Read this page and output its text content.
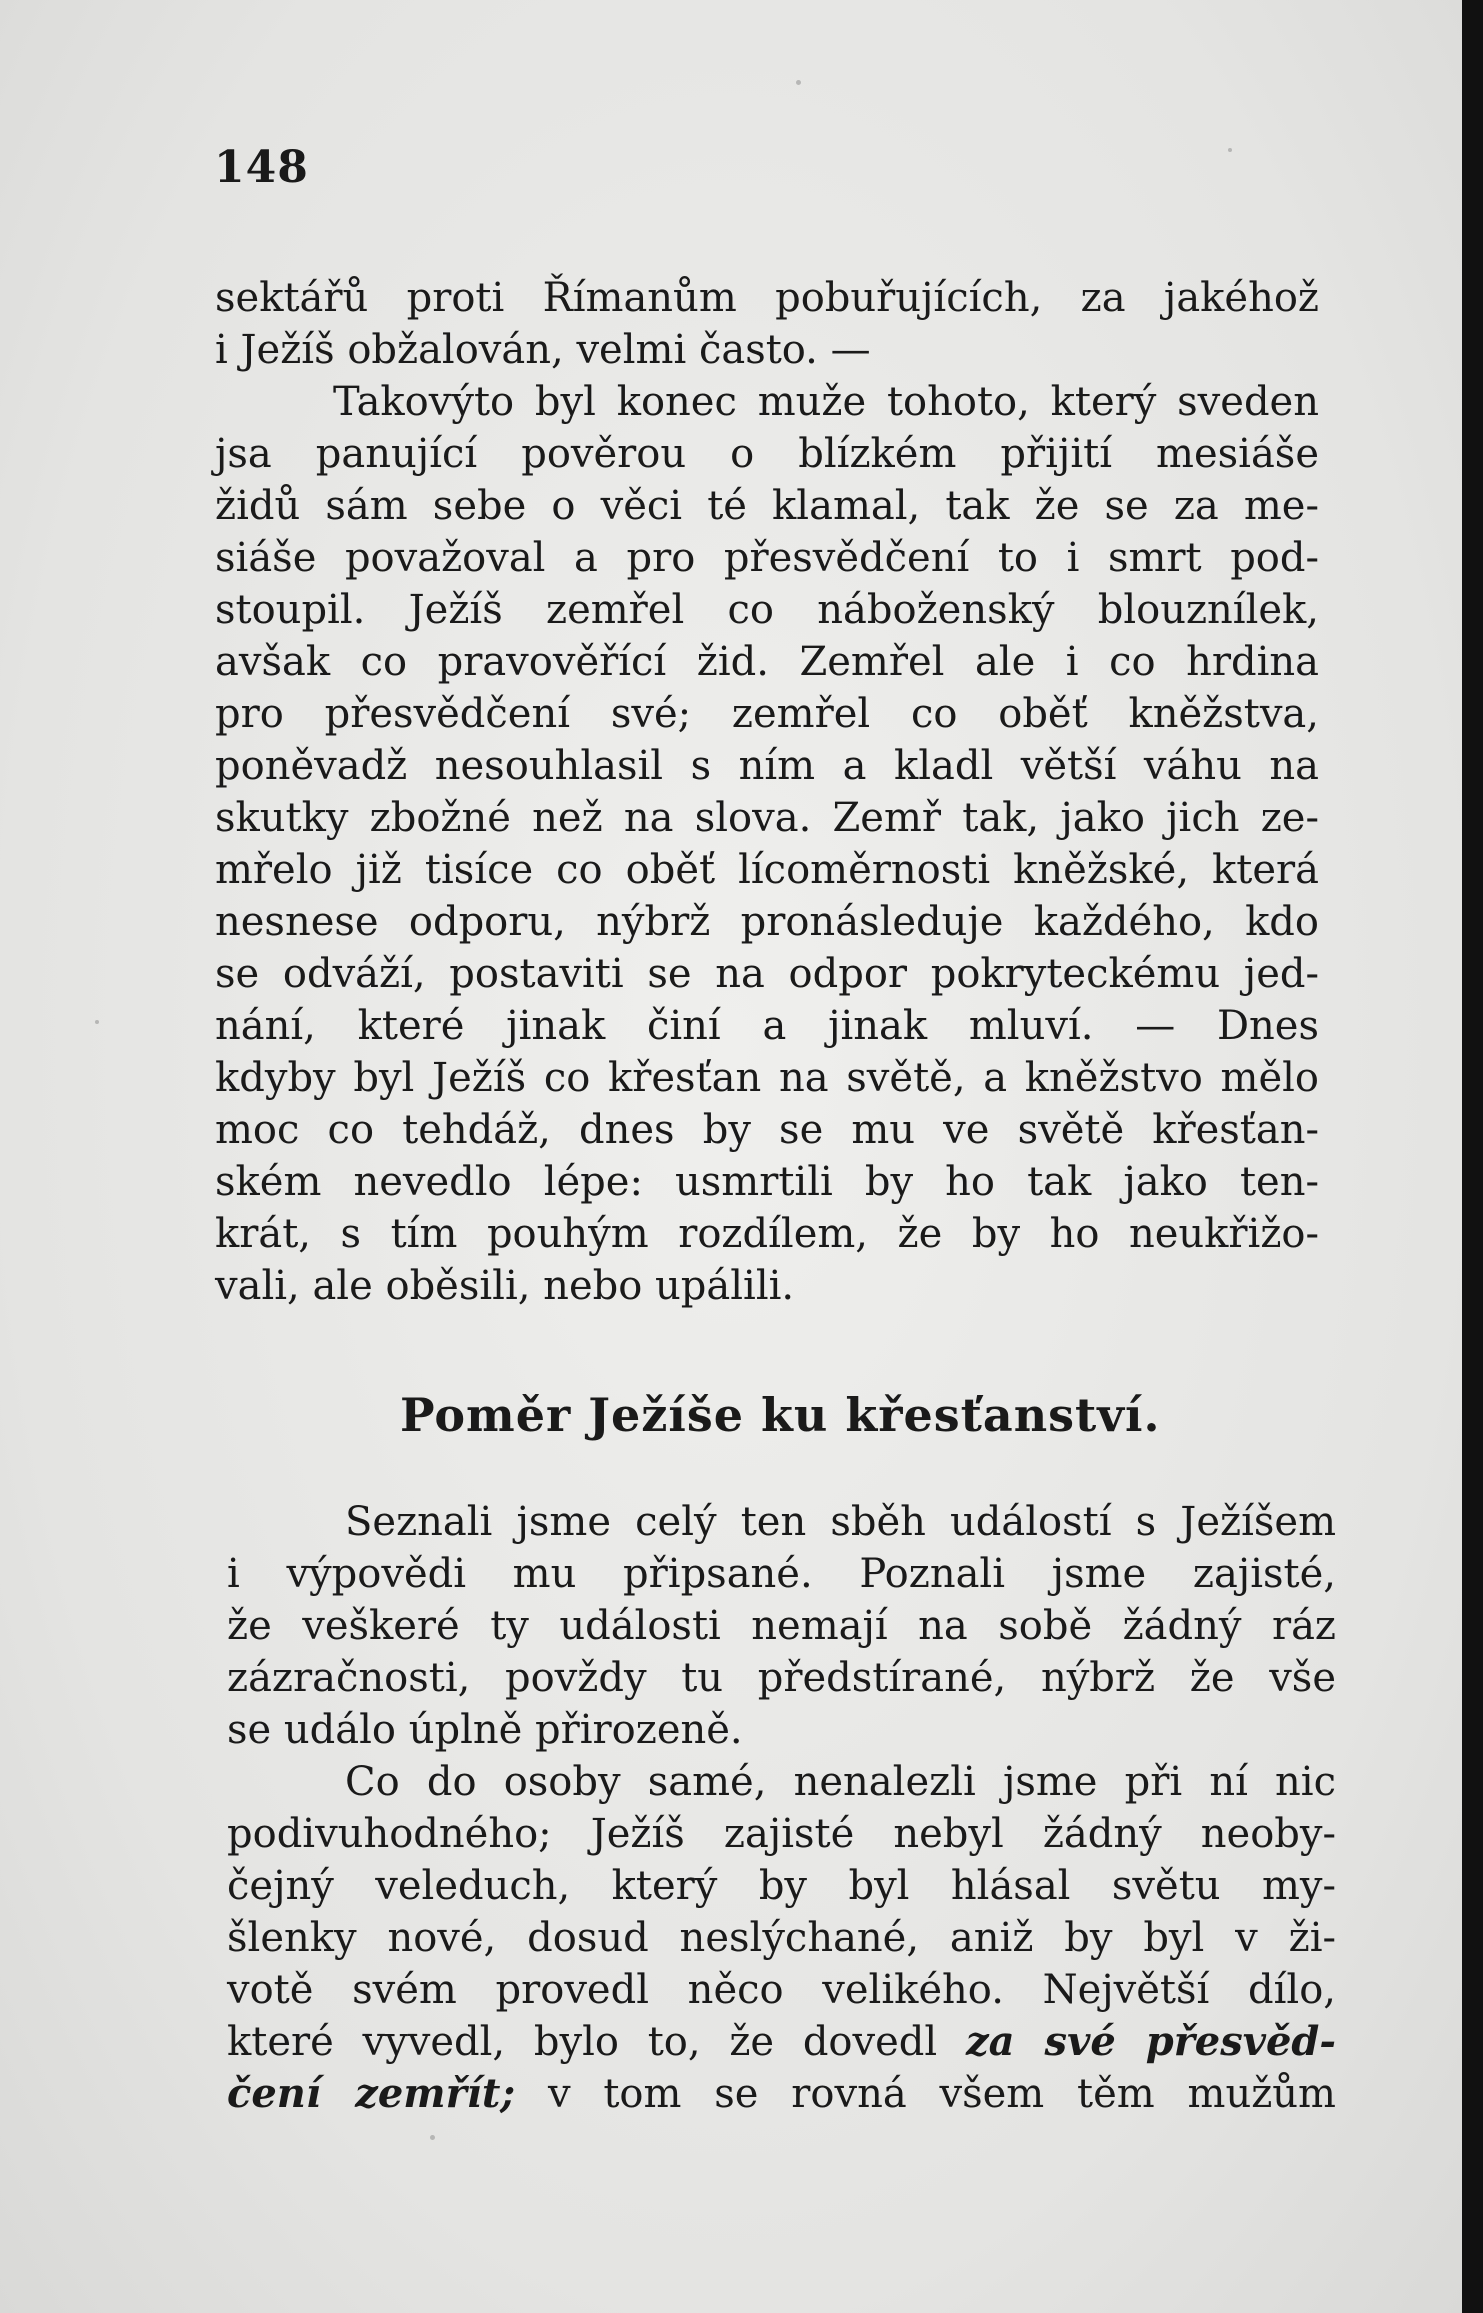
148
sektářů proti Římanům pobuřujících, za jakéhož
i Ježíš obžalován, velmi často. —
Takovýto byl konec muže tohoto, který sveden
jsa panující pověrou o blízkém přijití mesiáše
židů sám sebe o věci té klamal, tak že se za me-
siáše považoval a pro přesvědčení to i smrt pod-
stoupil. Ježíš zemřel co náboženský blouznílek,
avšak co pravověřící žid. Zemřel ale i co hrdina
pro přesvědčení své; zemřel co oběť kněžstva,
poněvadž nesouhlasil s ním a kladl větší váhu na
skutky zbožné než na slova. Zemř tak, jako jich ze-
mřelo již tisíce co oběť lícoměrnosti kněžské, která
nesnese odporu, nýbrž pronásleduje každého, kdo
se odváží, postaviti se na odpor pokryteckému jed-
nání, které jinak činí a jinak mluví. — Dnes
kdyby byl Ježíš co křesťan na světě, a kněžstvo mělo
moc co tehdáž, dnes by se mu ve světě křesťan-
ském nevedlo lépe: usmrtili by ho tak jako ten-
krát, s tím pouhým rozdílem, že by ho neukřižo-
vali, ale oběsili, nebo upálili.
Poměr Ježíše ku křesťanství.
Seznali jsme celý ten sběh událostí s Ježíšem
i výpovědi mu připsané. Poznali jsme zajisté,
že veškeré ty události nemají na sobě žádný ráz
zázračnosti, povždy tu předstírané, nýbrž že vše
se událo úplně přirozeně.
Co do osoby samé, nenalezli jsme při ní nic
podivuhodného; Ježíš zajisté nebyl žádný neoby-
čejný veleduch, který by byl hlásal světu my-
šlenky nové, dosud neslýchané, aniž by byl v ži-
votě svém provedl něco velikého. Největší dílo,
které vyvedl, bylo to, že dovedl za své přesvěd-
čení zemřít; v tom se rovná všem těm mužům
